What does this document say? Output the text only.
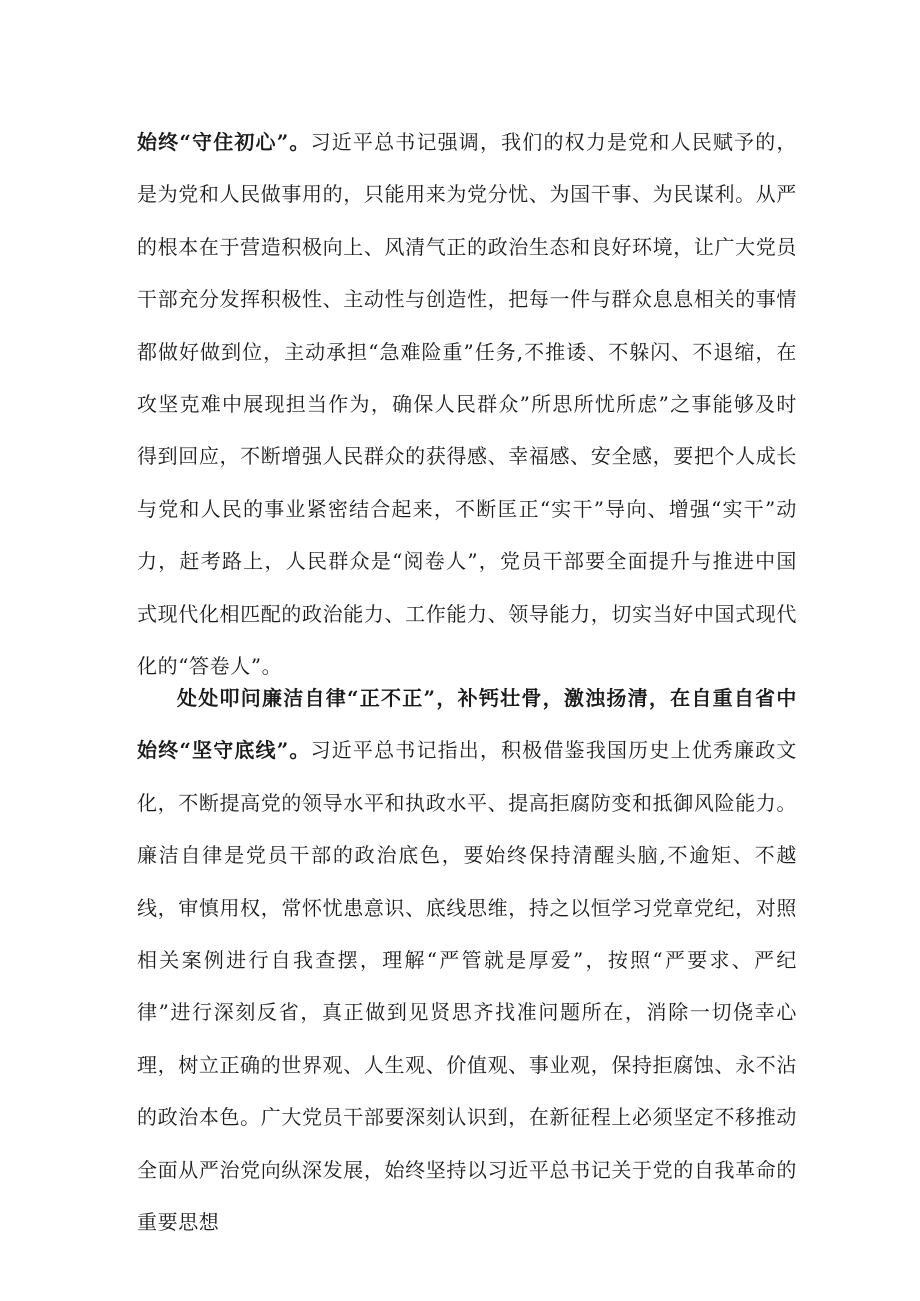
始终“守住初心”。习近平总书记强调，我们的权力是党和人民赋予的，是为党和人民做事用的，只能用来为党分忧、为国干事、为民谋利。从严的根本在于营造积极向上、风清气正的政治生态和良好环境，让广大党员干部充分发挥积极性、主动性与创造性，把每一件与群众息息相关的事情都做好做到位，主动承担“急难险重”任务,不推诿、不躲闪、不退缩，在攻坚克难中展现担当作为，确保人民群众”所思所忧所虑”之事能够及时得到回应，不断增强人民群众的获得感、幸福感、安全感，要把个人成长与党和人民的事业紧密结合起来，不断匡正“实干”导向、增强“实干”动力，赶考路上，人民群众是“阅卷人”，党员干部要全面提升与推进中国式现代化相匹配的政治能力、工作能力、领导能力，切实当好中国式现代化的“答卷人”。

处处叩问廉洁自律“正不正”，补钙壮骨，激浊扬清，在自重自省中始终“坚守底线”。习近平总书记指出，积极借鉴我国历史上优秀廉政文化，不断提高党的领导水平和执政水平、提高拒腐防变和抵御风险能力。廉洁自律是党员干部的政治底色，要始终保持清醒头脑,不逾矩、不越线，审慎用权，常怀忧患意识、底线思维，持之以恒学习党章党纪，对照相关案例进行自我查摆，理解“严管就是厚爱”，按照“严要求、严纪律”进行深刻反省，真正做到见贤思齐找准问题所在，消除一切侥幸心理，树立正确的世界观、人生观、价值观、事业观，保持拒腐蚀、永不沾的政治本色。广大党员干部要深刻认识到，在新征程上必须坚定不移推动全面从严治党向纵深发展，始终坚持以习近平总书记关于党的自我革命的重要思想
